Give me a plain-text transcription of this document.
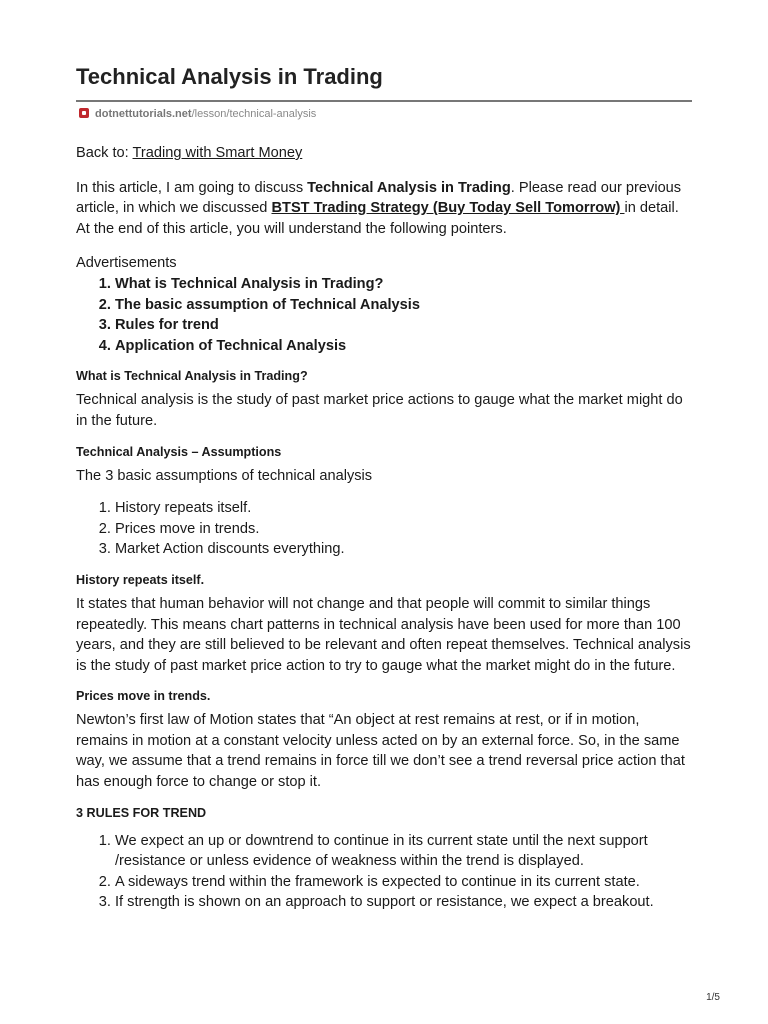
Technical Analysis in Trading
dotnettutorials.net/lesson/technical-analysis

Back to: Trading with Smart Money

In this article, I am going to discuss Technical Analysis in Trading. Please read our previous article, in which we discussed BTST Trading Strategy (Buy Today Sell Tomorrow) in detail. At the end of this article, you will understand the following pointers.

Advertisements

1. What is Technical Analysis in Trading?
2. The basic assumption of Technical Analysis
3. Rules for trend
4. Application of Technical Analysis
What is Technical Analysis in Trading?

Technical analysis is the study of past market price actions to gauge what the market might do in the future.

Technical Analysis – Assumptions

The 3 basic assumptions of technical analysis

1. History repeats itself.
2. Prices move in trends.
3. Market Action discounts everything.
History repeats itself.

It states that human behavior will not change and that people will commit to similar things repeatedly. This means chart patterns in technical analysis have been used for more than 100 years, and they are still believed to be relevant and often repeat themselves. Technical analysis is the study of past market price action to try to gauge what the market might do in the future.

Prices move in trends.

Newton’s first law of Motion states that “An object at rest remains at rest, or if in motion, remains in motion at a constant velocity unless acted on by an external force. So, in the same way, we assume that a trend remains in force till we don’t see a trend reversal price action that has enough force to change or stop it.

3 RULES FOR TREND
1. We expect an up or downtrend to continue in its current state until the next support /resistance or unless evidence of weakness within the trend is displayed.
2. A sideways trend within the framework is expected to continue in its current state.
3. If strength is shown on an approach to support or resistance, we expect a breakout.
1/5
